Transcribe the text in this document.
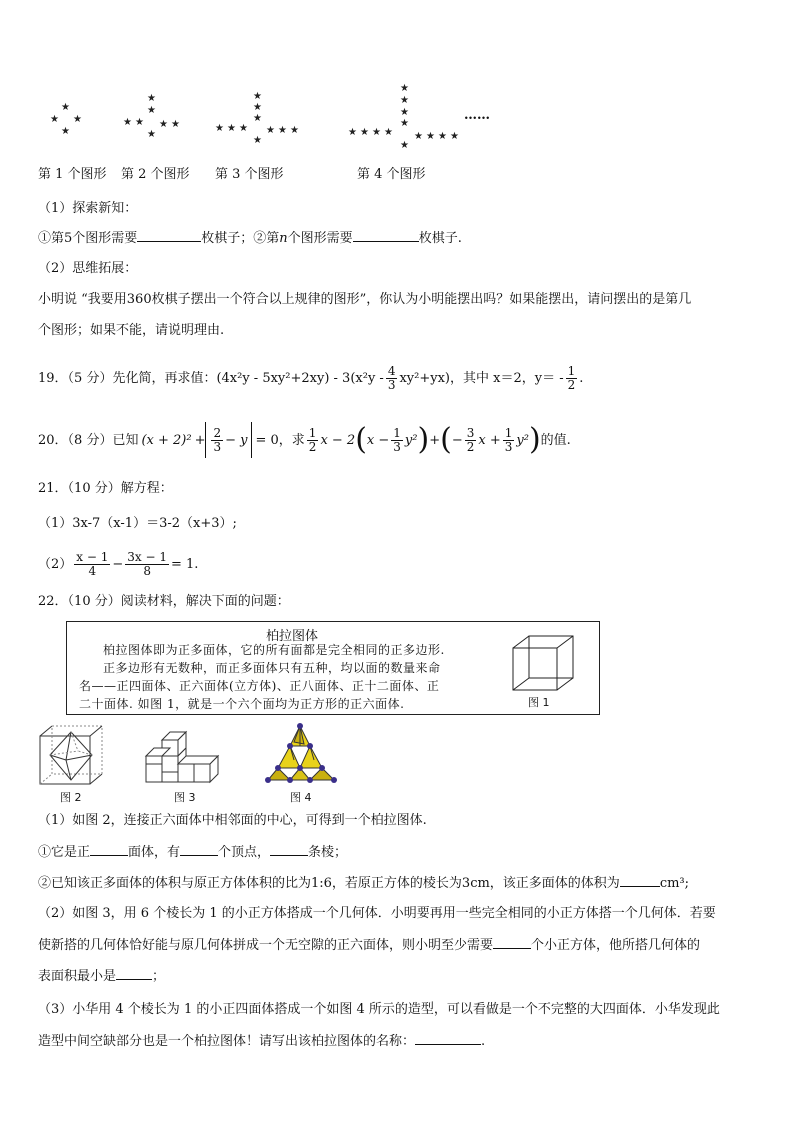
★
★ ★
★
★
★
★ ★ ★ ★
★
★
★
★
★ ★ ★ ★ ★ ★
★
★
★
★
★
★ ★ ★ ★ ★ ★ ★ ★
★
……
第 1 个图形 第 2 个图形 第 3 个图形	第 4 个图形
（1）探索新知：
①第5个图形需要	枚棋子；②第n个图形需要	枚棋子.
（2）思维拓展：
小明说 “我要用360枚棋子摆出一个符合以上规律的图形”，你认为小明能摆出吗？如果能摆出，请问摆出的是第几
个图形；如果不能，请说明理由.
19．（5 分）先化简，再求值：$(4x^2y - 5xy^2+2xy) - 3(x^2y - \frac{4}{3} xy^2+yx)$，其中 x＝2，$y= - \frac{1}{2}$ .
20．（8 分）已知 $(x + 2)^2 + \frac{2}{3} - y = 0$，求 $\frac{1}{2}$ x − 2 ( $x - \frac{1}{3} y^2$ ) + ( − $\frac{3}{2}$ $x + \frac{1}{3} y^2$ ) 的值.
21．（10 分）解方程：
（1）3x-7（x-1）＝3-2（x+3）;
$(2) \frac{x - 1}{4} - \frac{3x - 1}{8} = 1$.
22．（10 分）阅读材料，解决下面的问题：
柏拉图体
柏拉图体即为正多面体，它的所有面都是完全相同的正多边形.
正多边形有无数种，而正多面体只有五种，均以面的数量来命
名——正四面体、正六面体(立方体)、正八面体、正十二面体、正
二十面体. 如图 1，就是一个六个面均为正方形的正六面体.	图 1
图 2	图 3	图 4
（1）如图 2，连接正六面体中相邻面的中心，可得到一个柏拉图体.
①它是正	面体，有	个顶点，	条棱；
②已知该正多面体的体积与原正方体体积的比为1:6，若原正方体的棱长为3cm，该正多面体的体积为	cm³;
（2）如图 3，用 6 个棱长为 1 的小正方体搭成一个几何体．小明要再用一些完全相同的小正方体搭一个几何体．若要
使新搭的几何体恰好能与原几何体拼成一个无空隙的正六面体，则小明至少需要	个小正方体，他所搭几何体的
表面积最小是	；
（3）小华用 4 个棱长为 1 的小正四面体搭成一个如图 4 所示的造型，可以看做是一个不完整的大四面体．小华发现此
造型中间空缺部分也是一个柏拉图体！请写出该柏拉图体的名称：	.
